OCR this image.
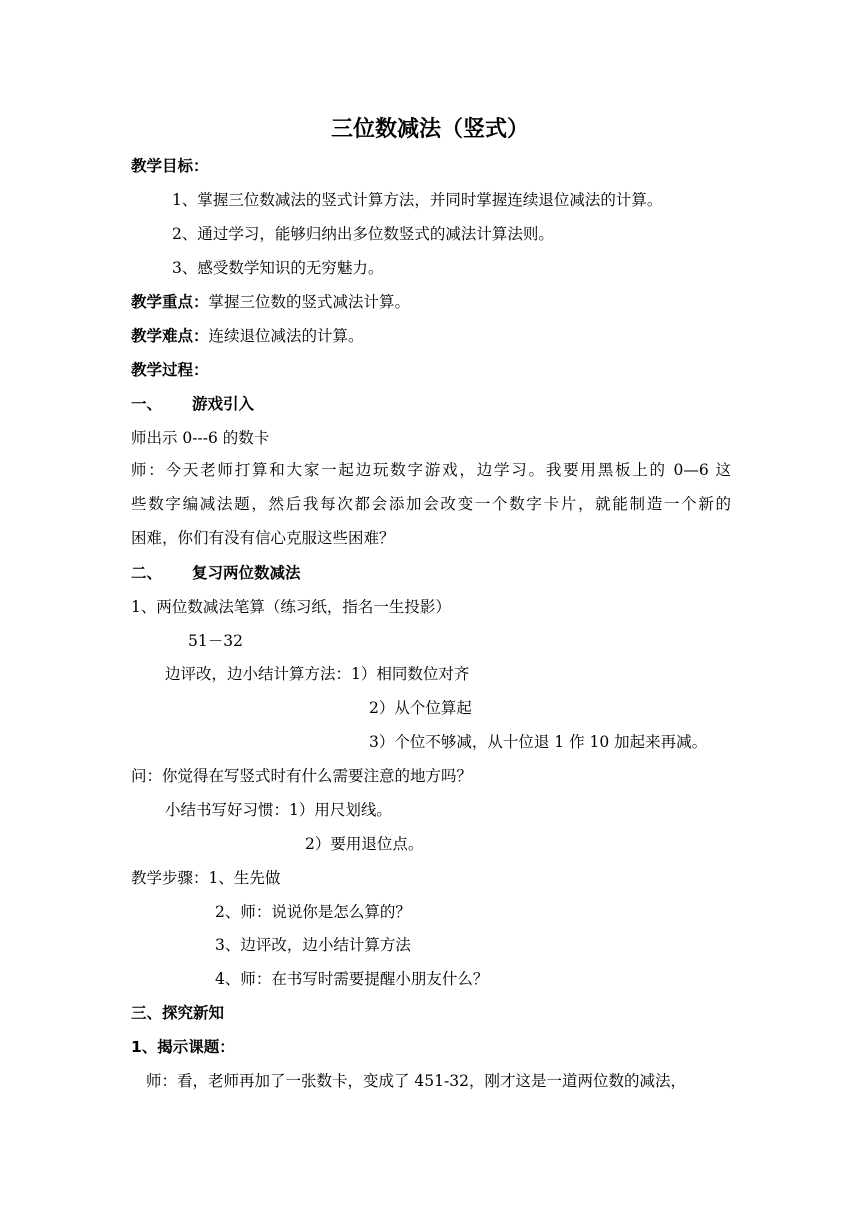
三位数减法（竖式）
教学目标：
1、掌握三位数减法的竖式计算方法，并同时掌握连续退位减法的计算。
2、通过学习，能够归纳出多位数竖式的减法计算法则。
3、感受数学知识的无穷魅力。
教学重点：掌握三位数的竖式减法计算。
教学难点：连续退位减法的计算。
教学过程：
一、 游戏引入
师出示 0---6 的数卡
师：今天老师打算和大家一起边玩数字游戏，边学习。我要用黑板上的 0—6 这
些数字编减法题，然后我每次都会添加会改变一个数字卡片，就能制造一个新的
困难，你们有没有信心克服这些困难？
二、 复习两位数减法
1、两位数减法笔算（练习纸，指名一生投影）
51－32
边评改，边小结计算方法：1）相同数位对齐
2）从个位算起
3）个位不够减，从十位退 1 作 10 加起来再减。
问：你觉得在写竖式时有什么需要注意的地方吗？
小结书写好习惯：1）用尺划线。
2）要用退位点。
教学步骤：1、生先做
2、师：说说你是怎么算的？
3、边评改，边小结计算方法
4、师：在书写时需要提醒小朋友什么？
三、探究新知
1、揭示课题：
师：看，老师再加了一张数卡，变成了 451-32，刚才这是一道两位数的减法，
